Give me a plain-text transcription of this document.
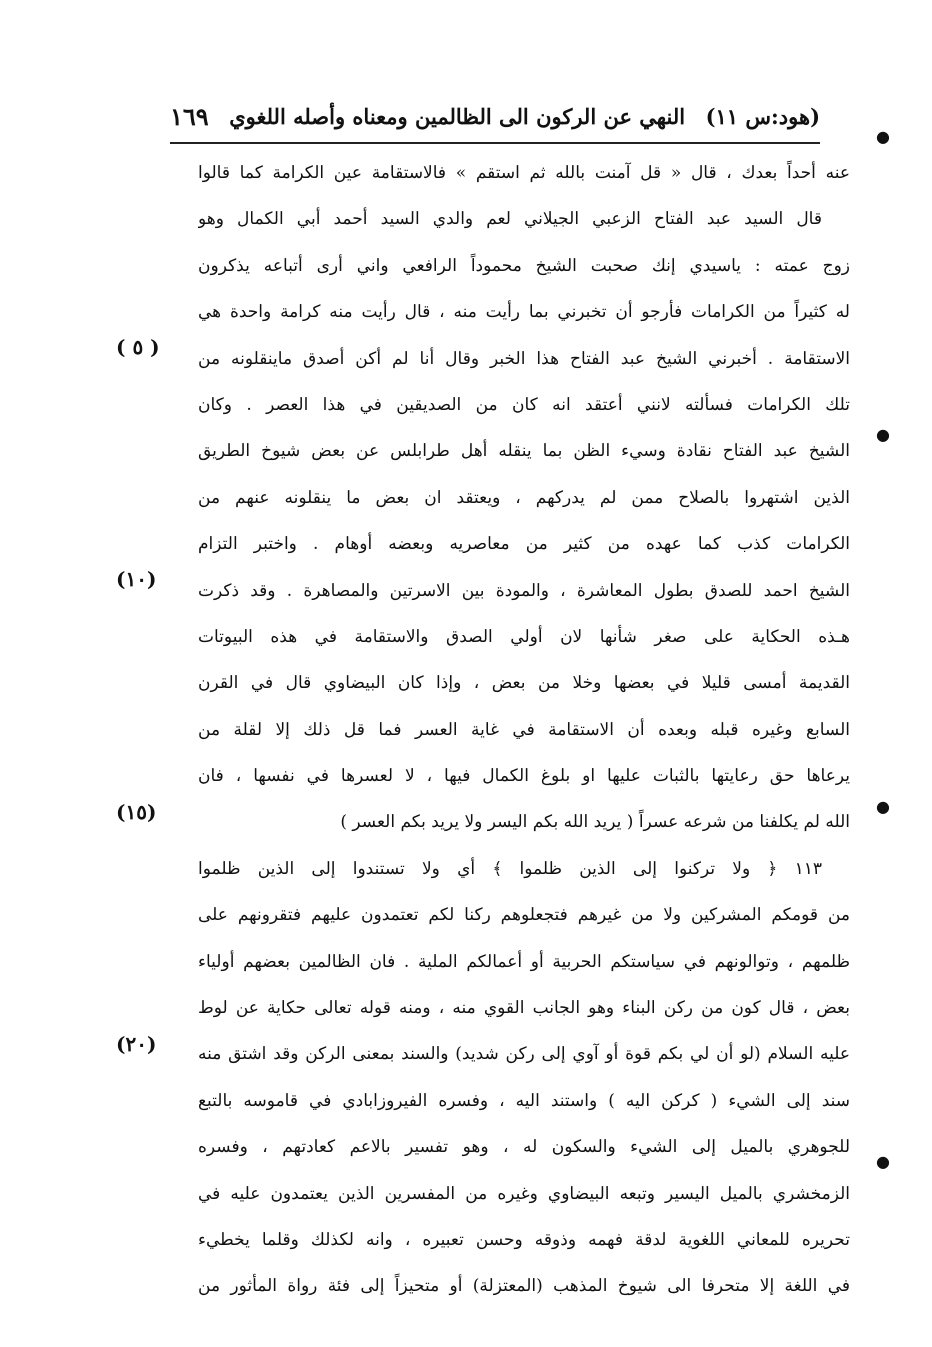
١٦٩ النهي عن الركون الى الظالمين ومعناه وأصله اللغوي (هود:س ١١)
عنه أحداً بعدك ، قال « قل آمنت بالله ثم استقم » فالاستقامة عين الكرامة كما قالوا
قال السيد عبد الفتاح الزعبي الجيلاني لعم والدي السيد أحمد أبي الكمال وهو
زوج عمته : ياسيدي إنك صحبت الشيخ محموداً الرافعي واني أرى أتباعه يذكرون
له كثيراً من الكرامات فأرجو أن تخبرني بما رأيت منه ، قال رأيت منه كرامة واحدة هي
الاستقامة . أخبرني الشيخ عبد الفتاح هذا الخبر وقال أنا لم أكن أصدق ماينقلونه من
تلك الكرامات فسألته لانني أعتقد انه كان من الصديقين في هذا العصر . وكان
الشيخ عبد الفتاح نقادة وسيء الظن بما ينقله أهل طرابلس عن بعض شيوخ الطريق
الذين اشتهروا بالصلاح ممن لم يدركهم ، ويعتقد ان بعض ما ينقلونه عنهم من
الكرامات كذب كما عهده من كثير من معاصريه وبعضه أوهام . واختبر التزام
الشيخ احمد للصدق بطول المعاشرة ، والمودة بين الاسرتين والمصاهرة . وقد ذكرت
هـذه الحكاية على صغر شأنها لان أولي الصدق والاستقامة في هذه البيوتات
القديمة أمسى قليلا في بعضها وخلا من بعض ، وإذا كان البيضاوي قال في القرن
السابع وغيره قبله وبعده أن الاستقامة في غاية العسر فما قل ذلك إلا لقلة من
يرعاها حق رعايتها بالثبات عليها او بلوغ الكمال فيها ، لا لعسرها في نفسها ، فان
الله لم يكلفنا من شرعه عسراً ( يريد الله بكم اليسر ولا يريد بكم العسر )
١١٣ ﴿ ولا تركنوا إلى الذين ظلموا ﴾ أي ولا تستندوا إلى الذين ظلموا
من قومكم المشركين ولا من غيرهم فتجعلوهم ركنا لكم تعتمدون عليهم فتقرونهم على
ظلمهم ، وتوالونهم في سياستكم الحربية أو أعمالكم الملية . فان الظالمين بعضهم أولياء
بعض ، قال كون من ركن البناء وهو الجانب القوي منه ، ومنه قوله تعالى حكاية عن لوط
عليه السلام (لو أن لي بكم قوة أو آوي إلى ركن شديد) والسند بمعنى الركن وقد اشتق منه
سند إلى الشيء ( كركن اليه ) واستند اليه ، وفسره الفيروزابادي في قاموسه بالتبع
للجوهري بالميل إلى الشيء والسكون له ، وهو تفسير بالاعم كعادتهم ، وفسره
الزمخشري بالميل اليسير وتبعه البيضاوي وغيره من المفسرين الذين يعتمدون عليه في
تحريره للمعاني اللغوية لدقة فهمه وذوقه وحسن تعبيره ، وانه لكذلك وقلما يخطيء
في اللغة إلا متحرفا الى شيوخ المذهب (المعتزلة) أو متحيزاً إلى فئة رواة المأثور من
( ٥ )
(١٠)
(١٥)
(٢٠)
●
●
●
●
